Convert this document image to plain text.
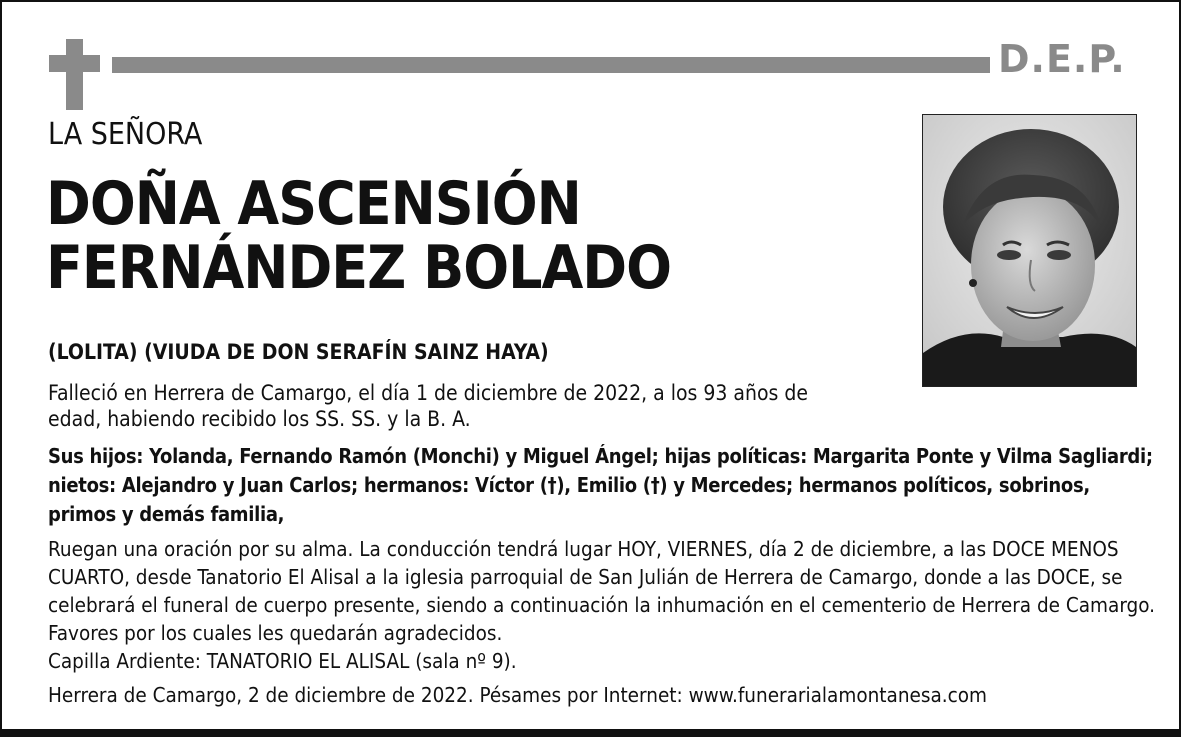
D.E.P.
LA SEÑORA
DOÑA ASCENSIÓN
FERNÁNDEZ BOLADO
(LOLITA) (VIUDA DE DON SERAFÍN SAINZ HAYA)
Falleció en Herrera de Camargo, el día 1 de diciembre de 2022, a los 93 años de edad, habiendo recibido los SS. SS. y la B. A.
Sus hijos: Yolanda, Fernando Ramón (Monchi) y Miguel Ángel; hijas políticas: Margarita Ponte y Vilma Sagliardi; nietos: Alejandro y Juan Carlos; hermanos: Víctor (†), Emilio (†) y Mercedes; hermanos políticos, sobrinos, primos y demás familia,
Ruegan una oración por su alma. La conducción tendrá lugar HOY, VIERNES, día 2 de diciembre, a las DOCE MENOS CUARTO, desde Tanatorio El Alisal a la iglesia parroquial de San Julián de Herrera de Camargo, donde a las DOCE, se celebrará el funeral de cuerpo presente, siendo a continuación la inhumación en el cementerio de Herrera de Camargo. Favores por los cuales les quedarán agradecidos.
Capilla Ardiente: TANATORIO EL ALISAL (sala nº 9).
Herrera de Camargo, 2 de diciembre de 2022. Pésames por Internet: www.funerarialamontanesa.com
